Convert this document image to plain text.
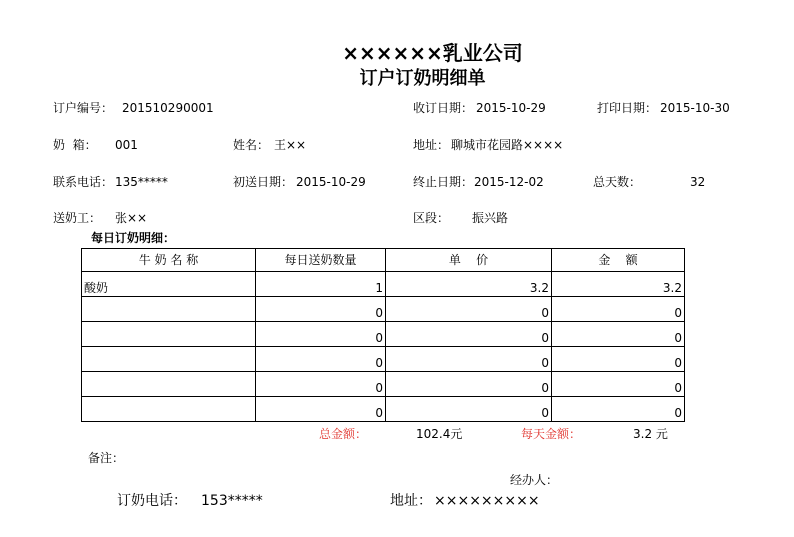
××××××乳业公司
订户订奶明细单
订户编号： 201510290001	收订日期： 2015-10-29	打印日期： 2015-10-30
奶  箱： 001	姓名： 王××	地址： 聊城市花园路××××
联系电话： 135*****	初送日期： 2015-10-29	终止日期： 2015-12-02	总天数：	32
送奶工： 张××	区段： 振兴路
每日订奶明细：
牛 奶 名 称	每日送奶数量	单    价	金    额
酸奶	1	3.2	3.2
	0	0	0
	0	0	0
	0	0	0
	0	0	0
	0	0	0
总金额：	102.4元	每天金额：	3.2 元
备注：
经办人：
订奶电话： 153*****	地址： ×××××××××
